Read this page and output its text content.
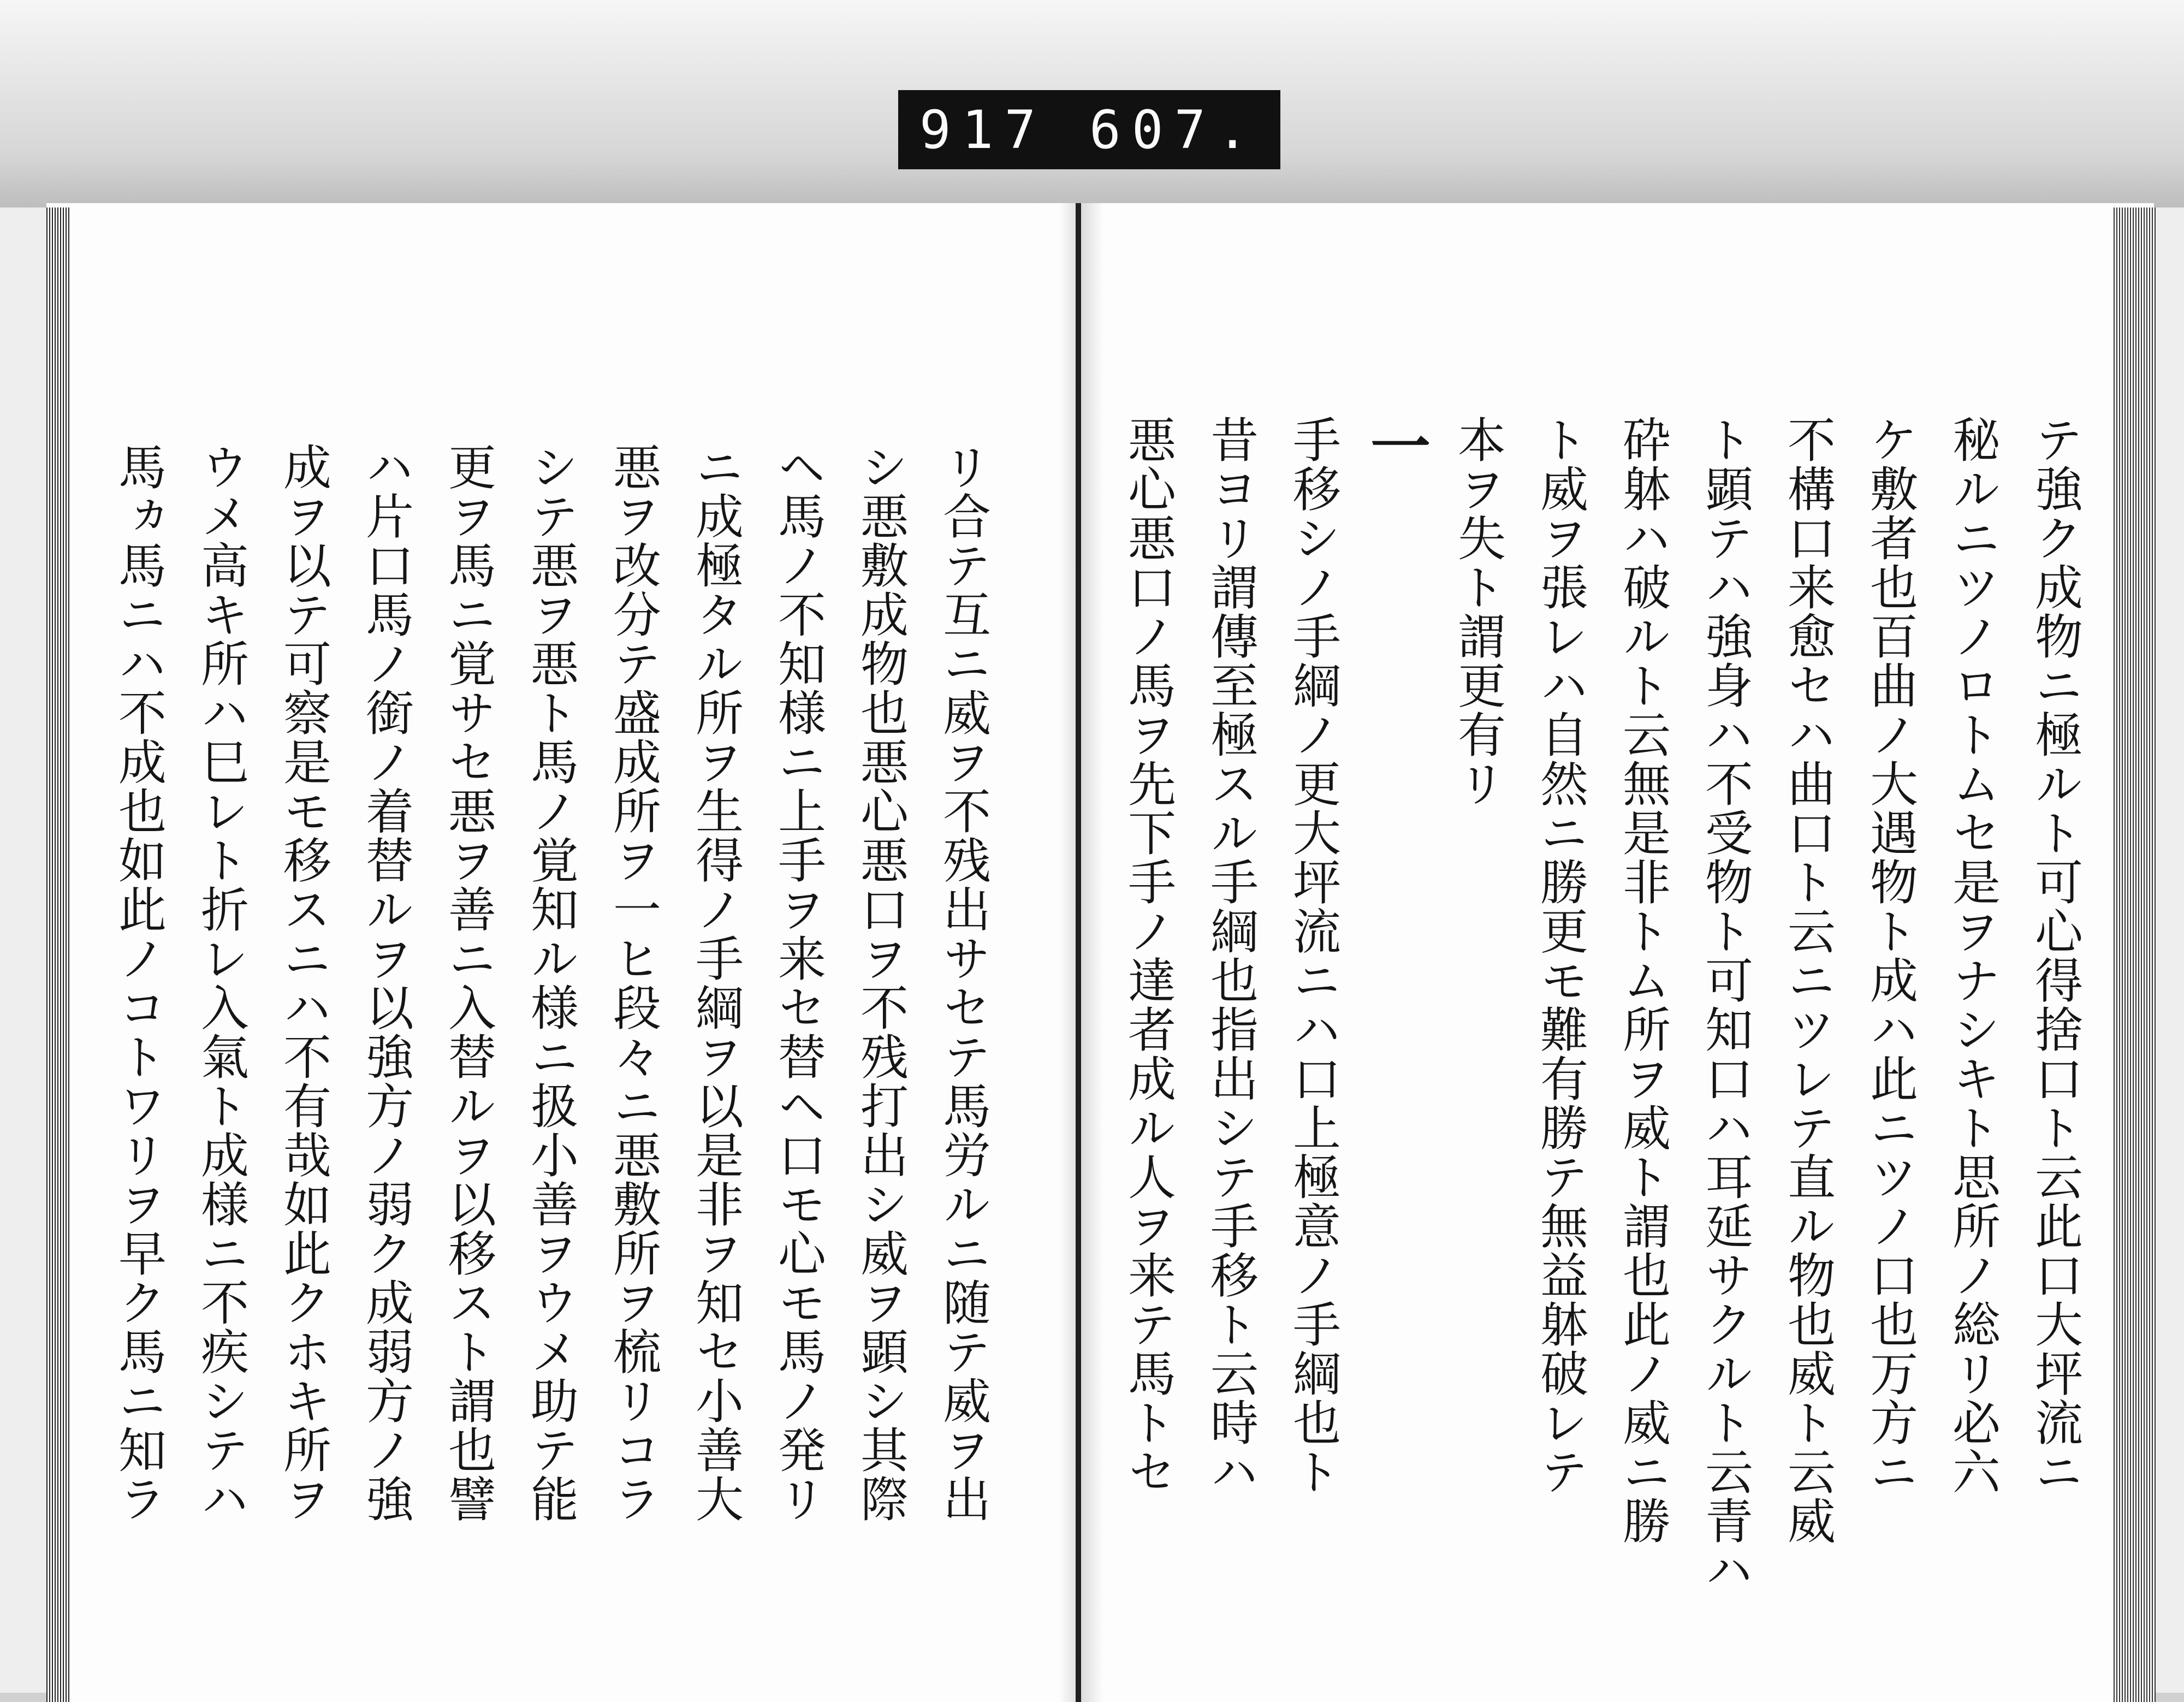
917 607.
テ強ク成物ニ極ルト可心得捨口ト云此口大坪流ニ
秘ルニツノロトムセ是ヲナシキト思所ノ総リ必六
ケ敷者也百曲ノ大遇物ト成ハ此ニツノ口也万方ニ
不構口来愈セハ曲口ト云ニツレテ直ル物也威ト云威
ト顕テハ強身ハ不受物ト可知口ハ耳延サクルト云青ハ
砕躰ハ破ルト云無是非トム所ヲ威ト謂也此ノ威ニ勝
ト威ヲ張レハ自然ニ勝更モ難有勝テ無益躰破レテ
本ヲ失ト謂更有リ
一
手移シノ手綱ノ更大坪流ニハ口上極意ノ手綱也ト
昔ヨリ謂傳至極スル手綱也指出シテ手移ト云時ハ
悪心悪口ノ馬ヲ先下手ノ達者成ル人ヲ来テ馬トセ
リ合テ互ニ威ヲ不残出サセテ馬労ルニ随テ威ヲ出
シ悪敷成物也悪心悪口ヲ不残打出シ威ヲ顕シ其際
ヘ馬ノ不知様ニ上手ヲ来セ替ヘ口モ心モ馬ノ発リ
ニ成極タル所ヲ生得ノ手綱ヲ以是非ヲ知セ小善大
悪ヲ改分テ盛成所ヲ一ヒ段々ニ悪敷所ヲ梳リコラ
シテ悪ヲ悪ト馬ノ覚知ル様ニ扱小善ヲウメ助テ能
更ヲ馬ニ覚サセ悪ヲ善ニ入替ルヲ以移スト謂也譬
ハ片口馬ノ銜ノ着替ルヲ以強方ノ弱ク成弱方ノ強
成ヲ以テ可察是モ移スニハ不有哉如此クホキ所ヲ
ウメ高キ所ハ巳レト折レ入氣ト成様ニ不疾シテハ
馬ヵ馬ニハ不成也如此ノコトワリヲ早ク馬ニ知ラ
